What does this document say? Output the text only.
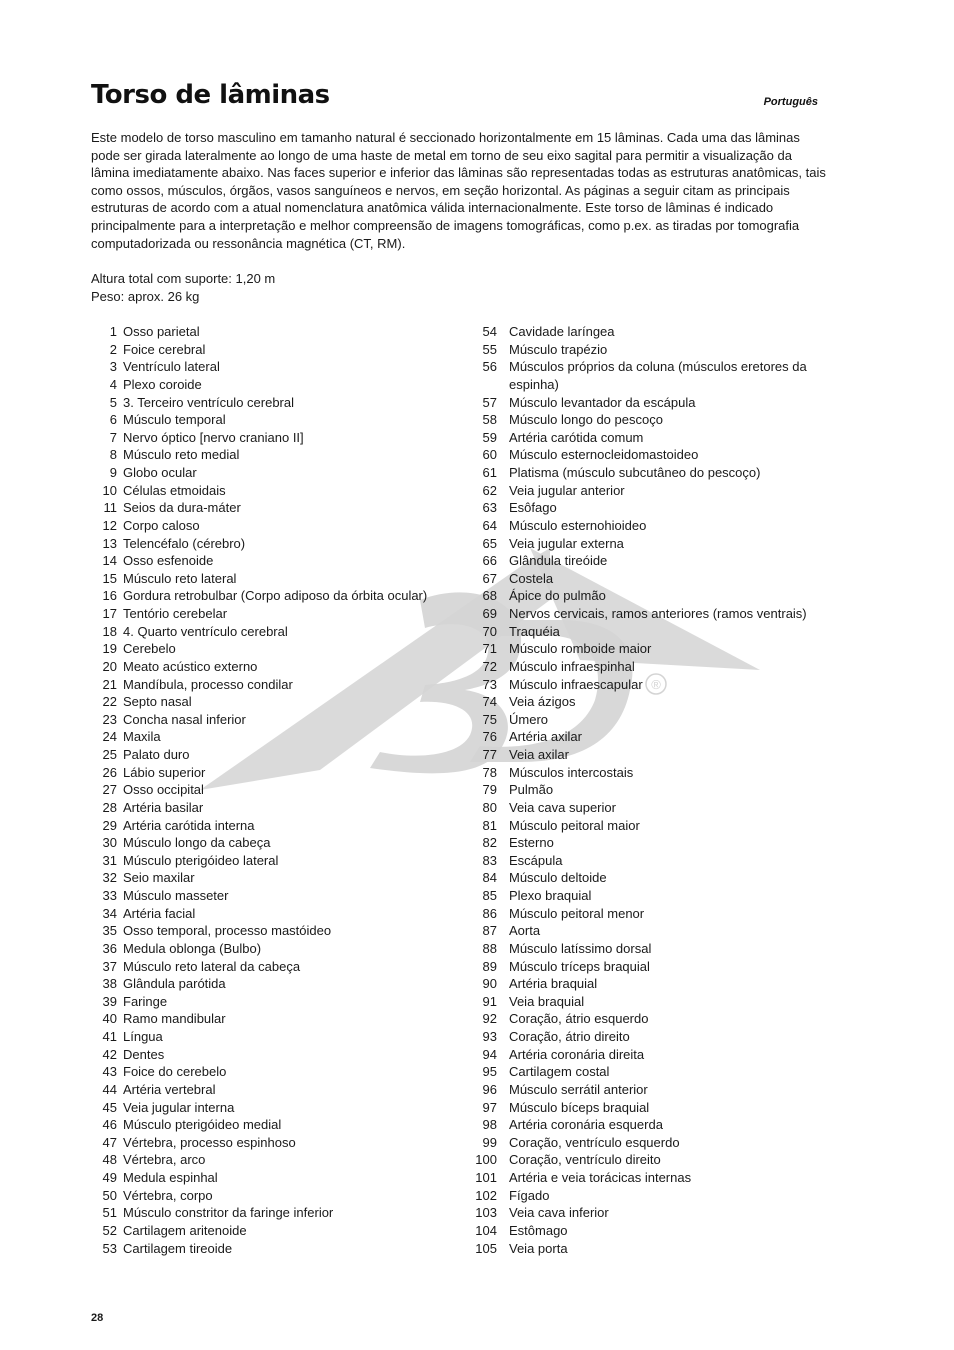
®
Torso de lâminas	Português

Este modelo de torso masculino em tamanho natural é seccionado horizontalmente em 15 lâminas. Cada uma das lâminas pode ser girada lateralmente ao longo de uma haste de metal em torno de seu eixo sagital para permitir a visualização da lâmina imediatamente abaixo. Nas faces superior e inferior das lâminas são representadas todas as estruturas anatômicas, tais como ossos, músculos, órgãos, vasos sanguíneos e nervos, em seção horizontal. As páginas a seguir citam as principais estruturas de acordo com a atual nomenclatura anatômica válida internacionalmente. Este torso de lâminas é indicado principalmente para a interpretação e melhor compreensão de imagens tomográficas, como p.ex. as tiradas por tomografia computadorizada ou ressonância magnética (CT, RM).

Altura total com suporte: 1,20 m
Peso: aprox. 26 kg
1 Osso parietal
2 Foice cerebral
3 Ventrículo lateral
4 Plexo coroide
5 3. Terceiro ventrículo cerebral
6 Músculo temporal
7 Nervo óptico [nervo craniano II]
8 Músculo reto medial
9 Globo ocular
10 Células etmoidais
11 Seios da dura-máter
12 Corpo caloso
13 Telencéfalo (cérebro)
14 Osso esfenoide
15 Músculo reto lateral
16 Gordura retrobulbar (Corpo adiposo da órbita ocular)
17 Tentório cerebelar
18 4. Quarto ventrículo cerebral
19 Cerebelo
20 Meato acústico externo
21 Mandíbula, processo condilar
22 Septo nasal
23 Concha nasal inferior
24 Maxila
25 Palato duro
26 Lábio superior
27 Osso occipital
28 Artéria basilar
29 Artéria carótida interna
30 Músculo longo da cabeça
31 Músculo pterigóideo lateral
32 Seio maxilar
33 Músculo masseter
34 Artéria facial
35 Osso temporal, processo mastóideo
36 Medula oblonga (Bulbo)
37 Músculo reto lateral da cabeça
38 Glândula parótida
39 Faringe
40 Ramo mandibular
41 Língua
42 Dentes
43 Foice do cerebelo
44 Artéria vertebral
45 Veia jugular interna
46 Músculo pterigóideo medial
47 Vértebra, processo espinhoso
48 Vértebra, arco
49 Medula espinhal
50 Vértebra, corpo
51 Músculo constritor da faringe inferior
52 Cartilagem aritenoide
53 Cartilagem tireoide
54 Cavidade laríngea
55 Músculo trapézio
56 Músculos próprios da coluna (músculos eretores da espinha)
57 Músculo levantador da escápula
58 Músculo longo do pescoço
59 Artéria carótida comum
60 Músculo esternocleidomastoideo
61 Platisma (músculo subcutâneo do pescoço)
62 Veia jugular anterior
63 Esôfago
64 Músculo esternohioideo
65 Veia jugular externa
66 Glândula tireóide
67 Costela
68 Ápice do pulmão
69 Nervos cervicais, ramos anteriores (ramos ventrais)
70 Traquéia
71 Músculo romboide maior
72 Músculo infraespinhal
73 Músculo infraescapular
74 Veia ázigos
75 Úmero
76 Artéria axilar
77 Veia axilar
78 Músculos intercostais
79 Pulmão
80 Veia cava superior
81 Músculo peitoral maior
82 Esterno
83 Escápula
84 Músculo deltoide
85 Plexo braquial
86 Músculo peitoral menor
87 Aorta
88 Músculo latíssimo dorsal
89 Músculo tríceps braquial
90 Artéria braquial
91 Veia braquial
92 Coração, átrio esquerdo
93 Coração, átrio direito
94 Artéria coronária direita
95 Cartilagem costal
96 Músculo serrátil anterior
97 Músculo bíceps braquial
98 Artéria coronária esquerda
99 Coração, ventrículo esquerdo
100 Coração, ventrículo direito
101 Artéria e veia torácicas internas
102 Fígado
103 Veia cava inferior
104 Estômago
105 Veia porta
28
